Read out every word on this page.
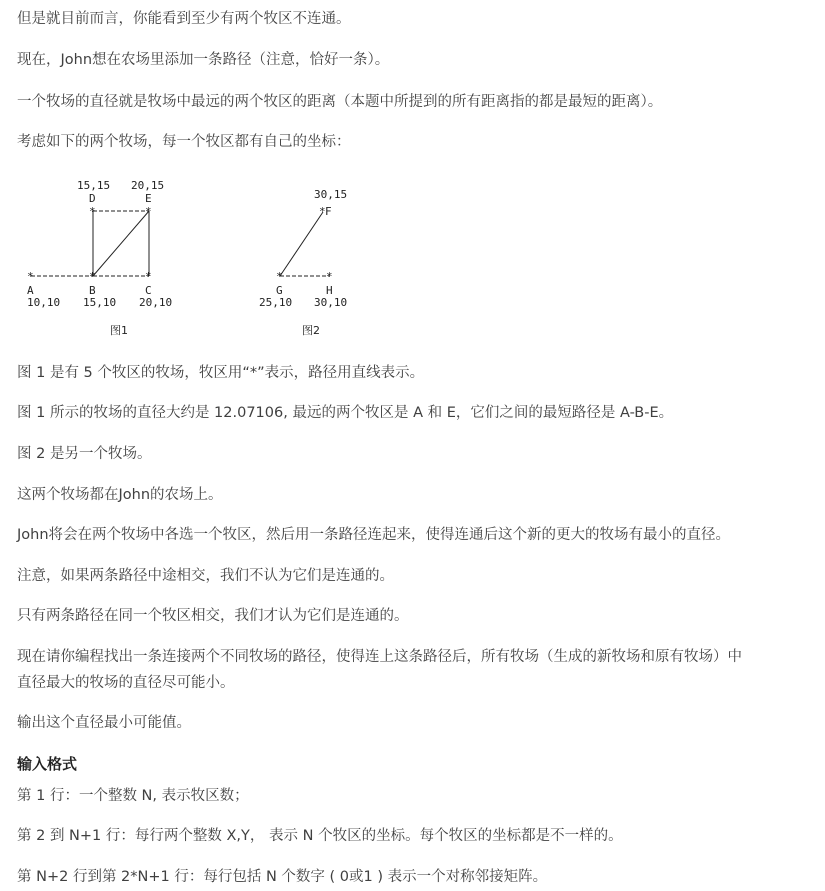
但是就目前而言，你能看到至少有两个牧区不连通。
现在，John想在农场里添加一条路径（注意，恰好一条）。
一个牧场的直径就是牧场中最远的两个牧区的距离（本题中所提到的所有距离指的都是最短的距离）。
考虑如下的两个牧场，每一个牧区都有自己的坐标：
*	*	*
*	*	*
*	*
15,15 20,15
30,15
D	E
F
A	B	C	G	H
10,10 15,10 20,10	25,10 30,10
图1	图2
图 1 是有 5 个牧区的牧场，牧区用“*”表示，路径用直线表示。
图 1 所示的牧场的直径大约是 12.07106, 最远的两个牧区是 A 和 E，它们之间的最短路径是 A-B-E。
图 2 是另一个牧场。
这两个牧场都在John的农场上。
John将会在两个牧场中各选一个牧区，然后用一条路径连起来，使得连通后这个新的更大的牧场有最小的直径。
注意，如果两条路径中途相交，我们不认为它们是连通的。
只有两条路径在同一个牧区相交，我们才认为它们是连通的。
现在请你编程找出一条连接两个不同牧场的路径，使得连上这条路径后，所有牧场（生成的新牧场和原有牧场）中
直径最大的牧场的直径尽可能小。
输出这个直径最小可能值。
输入格式
第 1 行：一个整数 N, 表示牧区数；
第 2 到 N+1 行：每行两个整数 X,Y， 表示 N 个牧区的坐标。每个牧区的坐标都是不一样的。
第 N+2 行到第 2*N+1 行：每行包括 N 个数字 ( 0或1 ) 表示一个对称邻接矩阵。
